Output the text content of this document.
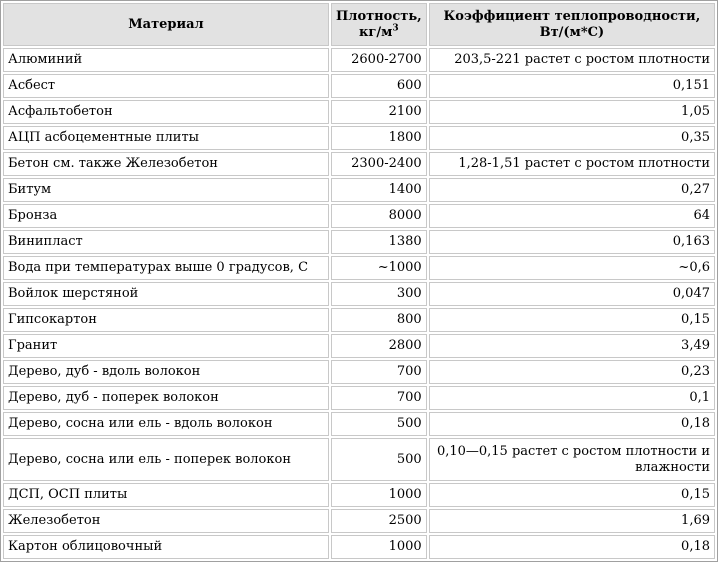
Материал	Плотность, $кг/м^3$	Коэффициент теплопроводности, Вт/(м*С)
Алюминий	2600-2700	203,5-221 растет с ростом плотности
Асбест	600	0,151
Асфальтобетон	2100	1,05
АЦП асбоцементные плиты	1800	0,35
Бетон см. также Железобетон	2300-2400	1,28-1,51 растет с ростом плотности
Битум	1400	0,27
Бронза	8000	64
Винипласт	1380	0,163
Вода при температурах выше 0 градусов, С	~1000	~0,6
Войлок шерстяной	300	0,047
Гипсокартон	800	0,15
Гранит	2800	3,49
Дерево, дуб - вдоль волокон	700	0,23
Дерево, дуб - поперек волокон	700	0,1
Дерево, сосна или ель - вдоль волокон	500	0,18
Дерево, сосна или ель - поперек волокон	500	0,10—0,15 растет с ростом плотности и влажности
ДСП, ОСП плиты	1000	0,15
Железобетон	2500	1,69
Картон облицовочный	1000	0,18
